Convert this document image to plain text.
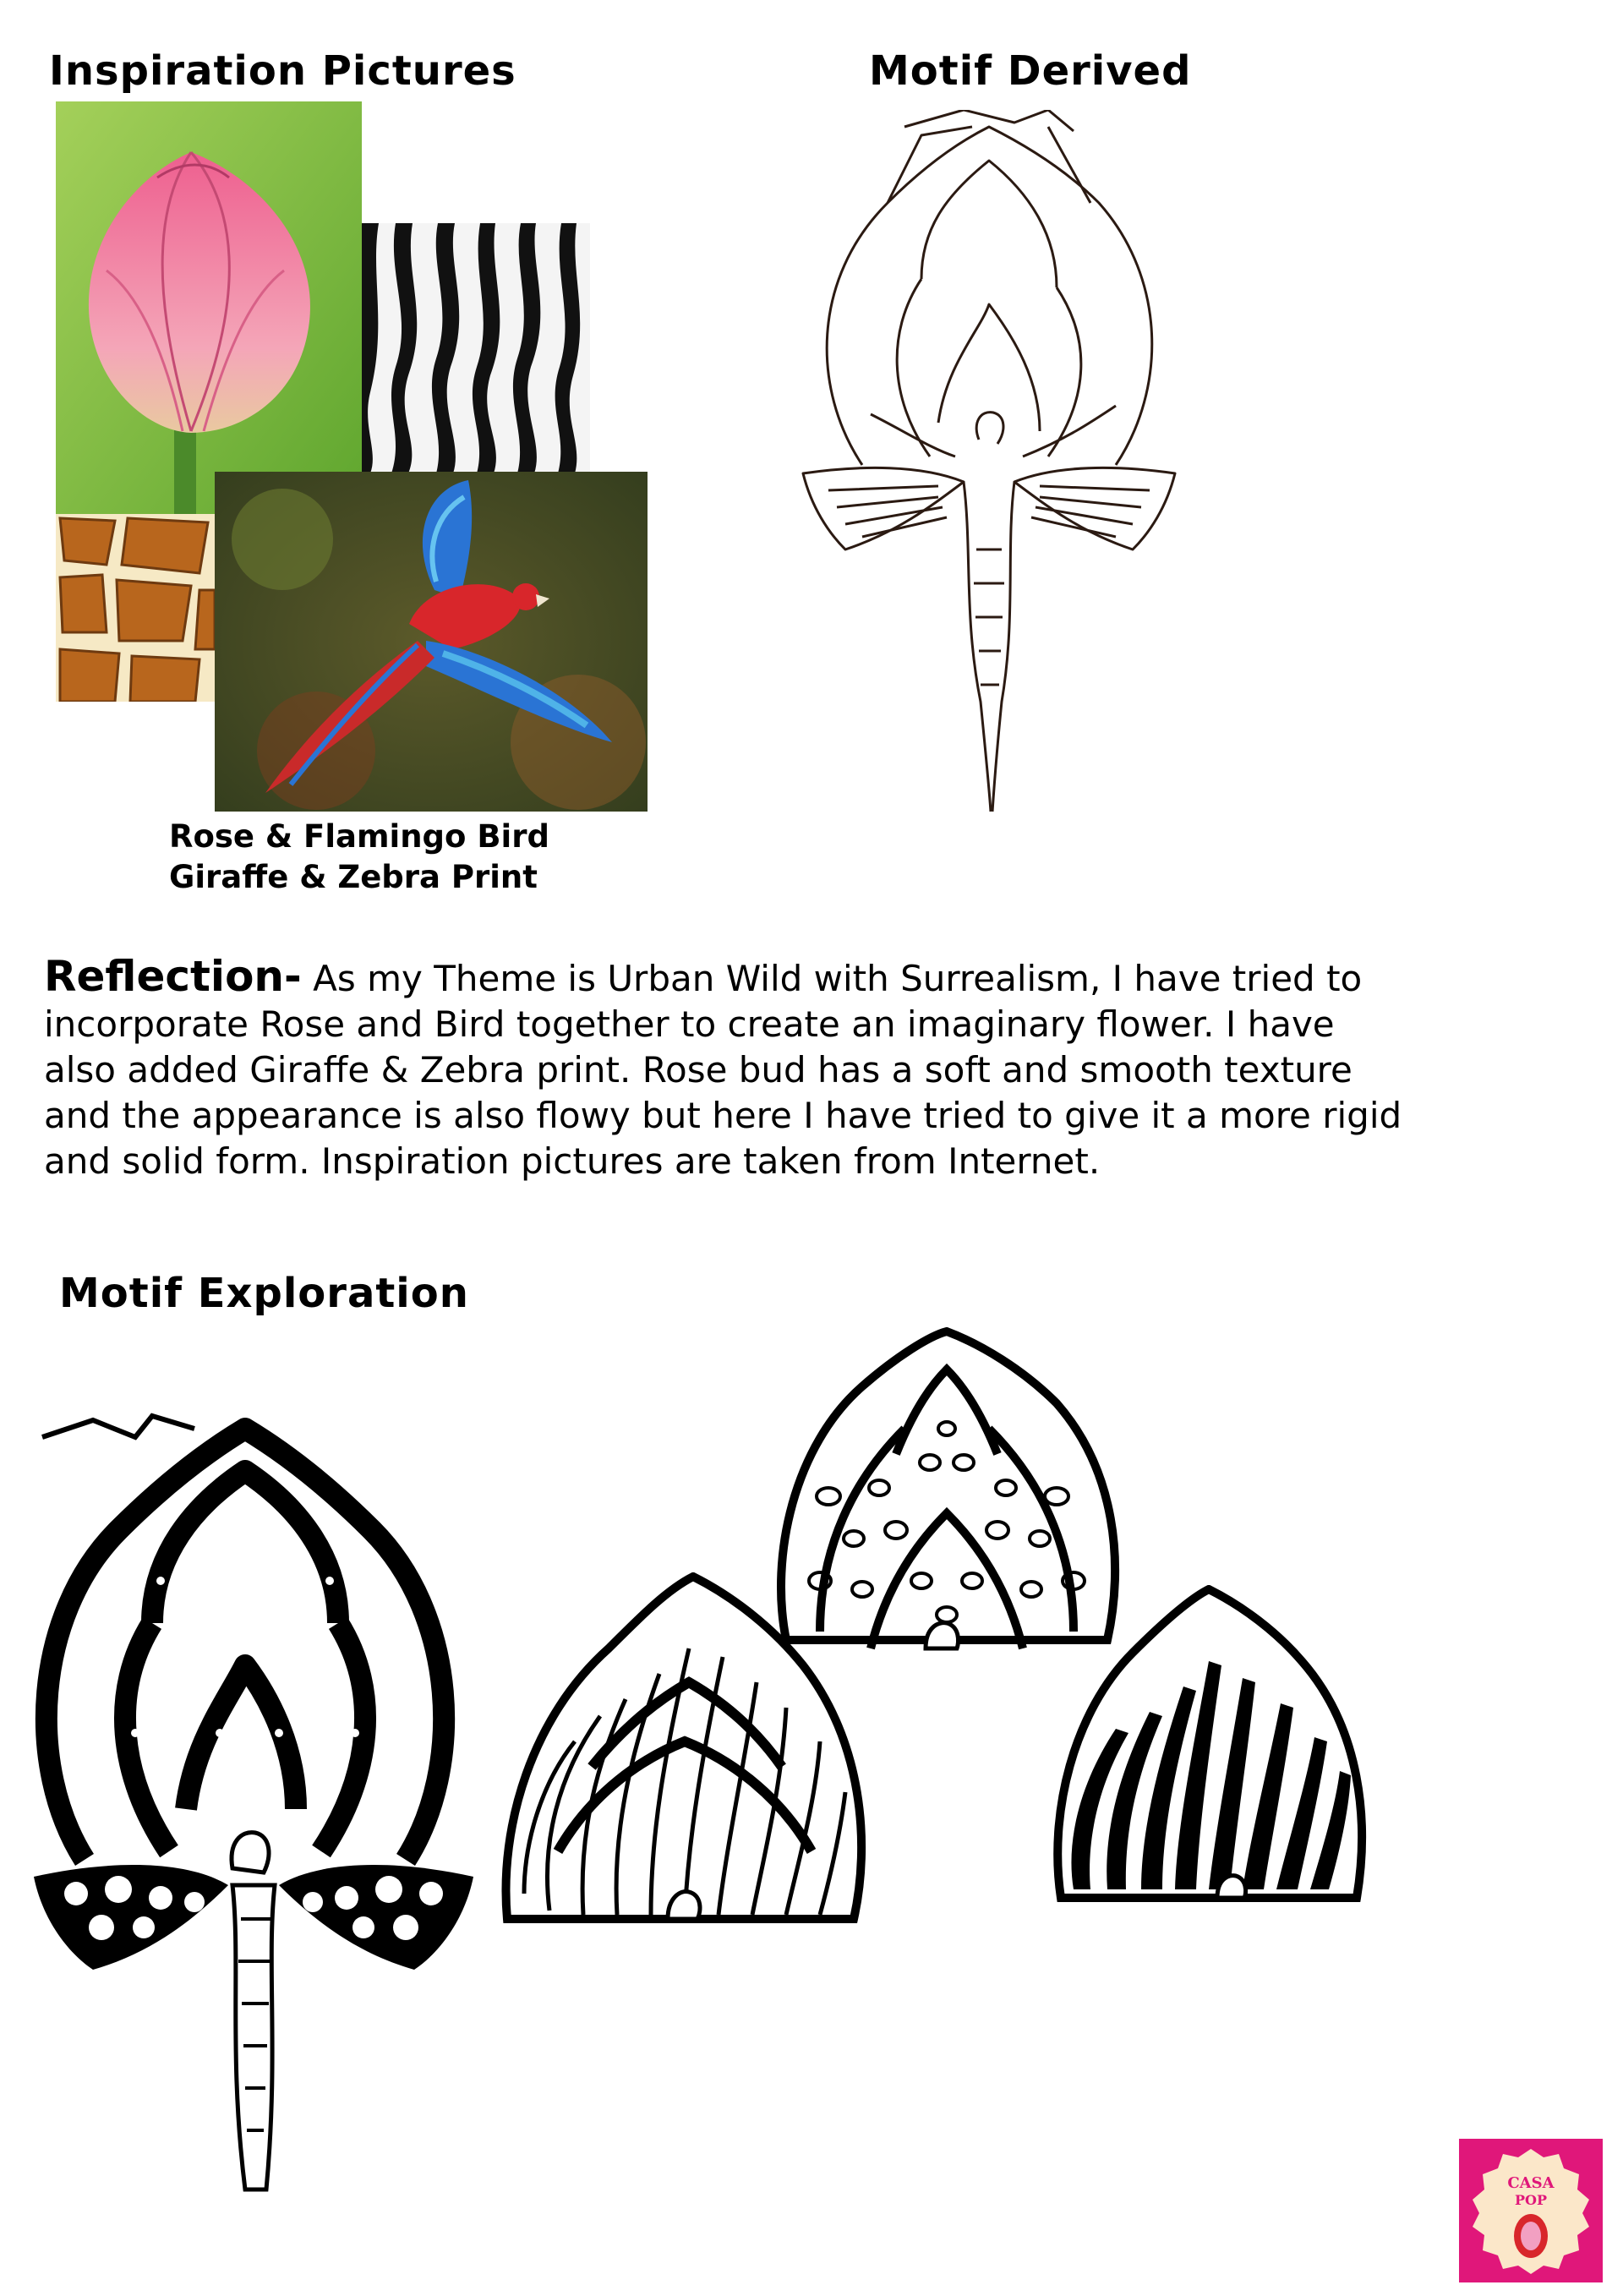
Inspiration Pictures	Motif Derived
Motif Exploration
Rose & Flamingo Bird
Giraffe & Zebra Print
Reflection- As my Theme is Urban Wild with Surrealism, I have tried to incorporate Rose and Bird together to create an imaginary flower. I have also added Giraffe & Zebra print. Rose bud has a soft and smooth texture and the appearance is also flowy but here I have tried to give it a more rigid and solid form. Inspiration pictures are taken from Internet.
CASA
POP
